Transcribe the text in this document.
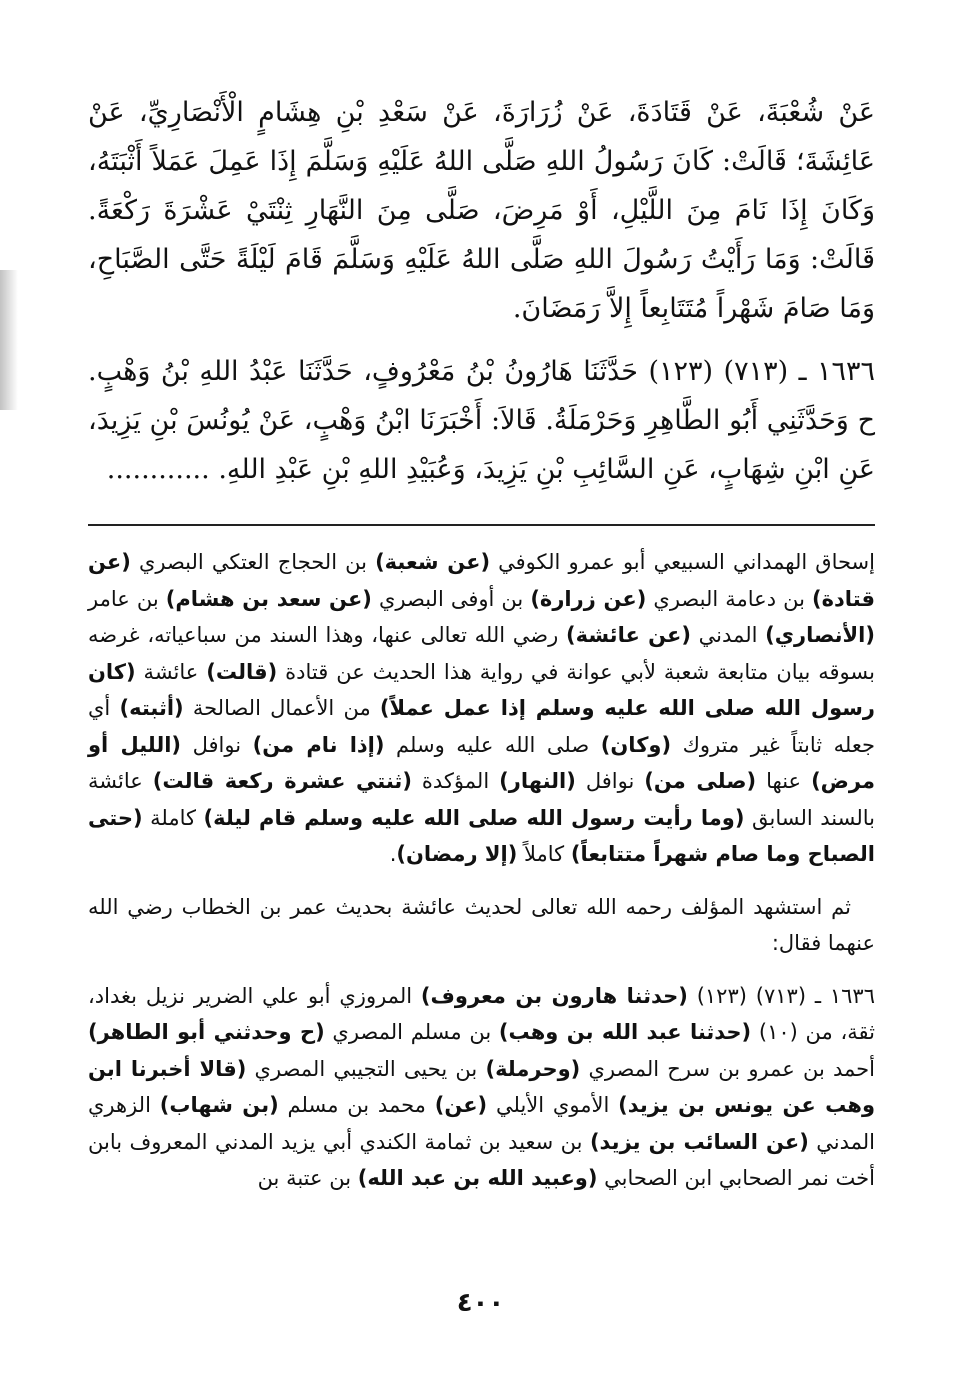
عَنْ شُعْبَةَ، عَنْ قَتَادَةَ، عَنْ زُرَارَةَ، عَنْ سَعْدِ بْنِ هِشَامٍ الْأَنْصَارِيِّ، عَنْ عَائِشَةَ؛ قَالَتْ: كَانَ رَسُولُ اللهِ صَلَّى اللهُ عَلَيْهِ وَسَلَّمَ إِذَا عَمِلَ عَمَلاً أَثْبَتَهُ، وَكَانَ إِذَا نَامَ مِنَ اللَّيْلِ، أَوْ مَرِضَ، صَلَّى مِنَ النَّهَارِ ثِنْتَيْ عَشْرَةَ رَكْعَةً. قَالَتْ: وَمَا رَأَيْتُ رَسُولَ اللهِ صَلَّى اللهُ عَلَيْهِ وَسَلَّمَ قَامَ لَيْلَةً حَتَّى الصَّبَاحِ، وَمَا صَامَ شَهْراً مُتَتَابِعاً إِلاَّ رَمَضَانَ.

١٦٣٦ ـ (٧١٣) (١٢٣) حَدَّثَنَا هَارُونُ بْنُ مَعْرُوفٍ، حَدَّثَنَا عَبْدُ اللهِ بْنُ وَهْبٍ. ح وَحَدَّثَنِي أَبُو الطَّاهِرِ وَحَرْمَلَةُ. قَالاَ: أَخْبَرَنَا ابْنُ وَهْبٍ، عَنْ يُونُسَ بْنِ يَزِيدَ، عَنِ ابْنِ شِهَابٍ، عَنِ السَّائِبِ بْنِ يَزِيدَ، وَعُبَيْدِ اللهِ بْنِ عَبْدِ اللهِ. ............

إسحاق الهمداني السبيعي أبو عمرو الكوفي (عن شعبة) بن الحجاج العتكي البصري (عن قتادة) بن دعامة البصري (عن زرارة) بن أوفى البصري (عن سعد بن هشام) بن عامر (الأنصاري) المدني (عن عائشة) رضي الله تعالى عنها، وهذا السند من سباعياته، غرضه بسوقه بيان متابعة شعبة لأبي عوانة في رواية هذا الحديث عن قتادة (قالت) عائشة (كان رسول الله صلى الله عليه وسلم إذا عمل عملاً) من الأعمال الصالحة (أثبته) أي جعله ثابتاً غير متروك (وكان) صلى الله عليه وسلم (إذا نام من) نوافل (الليل أو مرض) عنها (صلى من) نوافل (النهار) المؤكدة (ثنتي عشرة ركعة قالت) عائشة بالسند السابق (وما رأيت رسول الله صلى الله عليه وسلم قام ليلة) كاملة (حتى الصباح وما صام شهراً متتابعاً) كاملاً (إلا رمضان).

ثم استشهد المؤلف رحمه الله تعالى لحديث عائشة بحديث عمر بن الخطاب رضي الله عنهما فقال:

١٦٣٦ ـ (٧١٣) (١٢٣) (حدثنا هارون بن معروف) المروزي أبو علي الضرير نزيل بغداد، ثقة، من (١٠) (حدثنا عبد الله بن وهب) بن مسلم المصري (ح وحدثني أبو الطاهر) أحمد بن عمرو بن سرح المصري (وحرملة) بن يحيى التجيبي المصري (قالا أخبرنا ابن وهب عن يونس بن يزيد) الأموي الأيلي (عن) محمد بن مسلم (بن شهاب) الزهري المدني (عن السائب بن يزيد) بن سعيد بن ثمامة الكندي أبي يزيد المدني المعروف بابن أخت نمر الصحابي ابن الصحابي (وعبيد الله بن عبد الله) بن عتبة بن

٤٠٠
